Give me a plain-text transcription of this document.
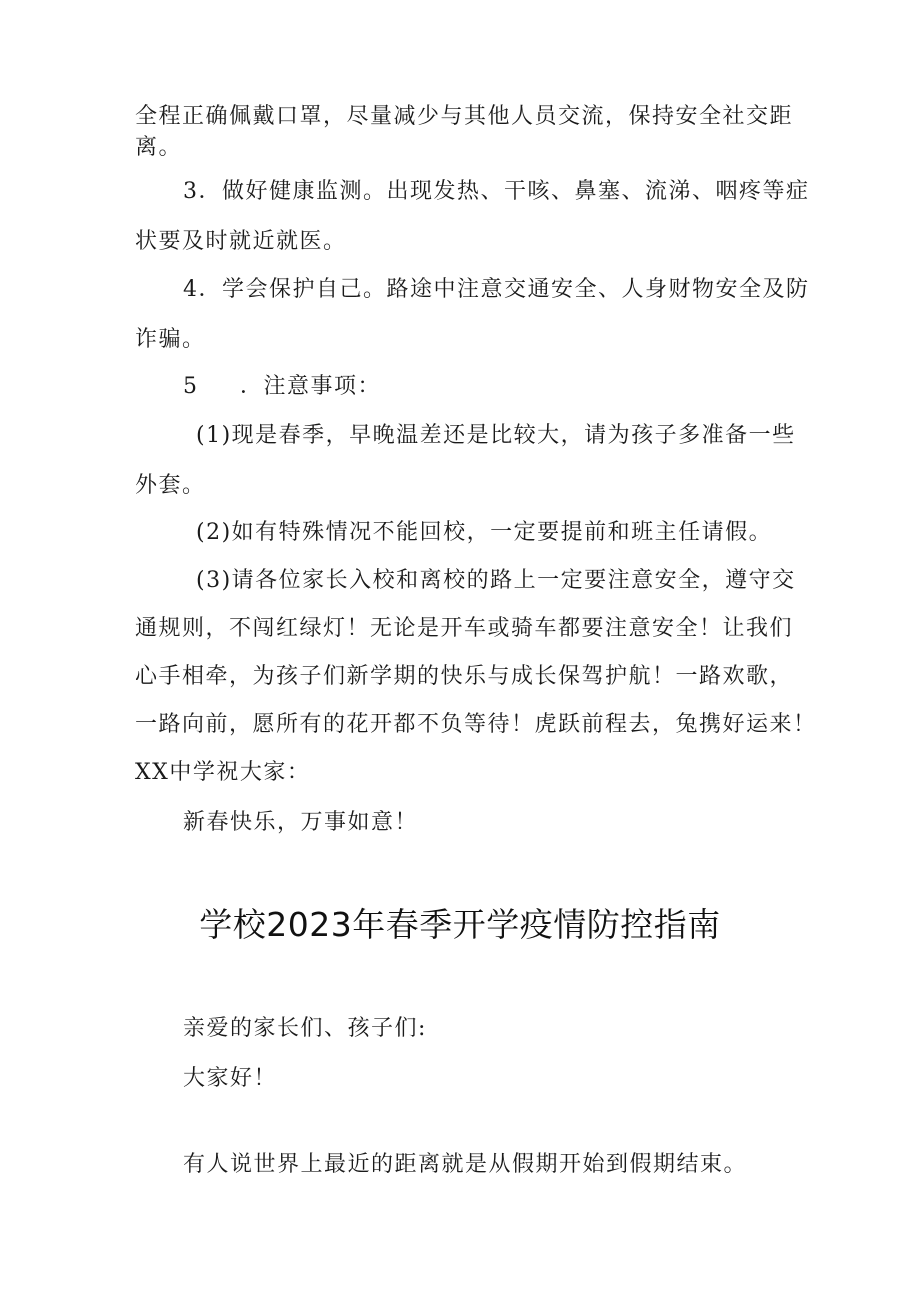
全程正确佩戴口罩，尽量减少与其他人员交流，保持安全社交距
离。
3．做好健康监测。出现发热、干咳、鼻塞、流涕、咽疼等症
状要及时就近就医。
4．学会保护自己。路途中注意交通安全、人身财物安全及防
诈骗。
5 ．注意事项：
(1)现是春季，早晚温差还是比较大，请为孩子多准备一些
外套。
(2)如有特殊情况不能回校，一定要提前和班主任请假。
(3)请各位家长入校和离校的路上一定要注意安全，遵守交
通规则，不闯红绿灯！无论是开车或骑车都要注意安全！让我们
心手相牵，为孩子们新学期的快乐与成长保驾护航！一路欢歌，
一路向前，愿所有的花开都不负等待！虎跃前程去，兔携好运来！
XX中学祝大家：
新春快乐，万事如意！
学校2023年春季开学疫情防控指南
亲爱的家长们、孩子们:
大家好！
有人说世界上最近的距离就是从假期开始到假期结束。
